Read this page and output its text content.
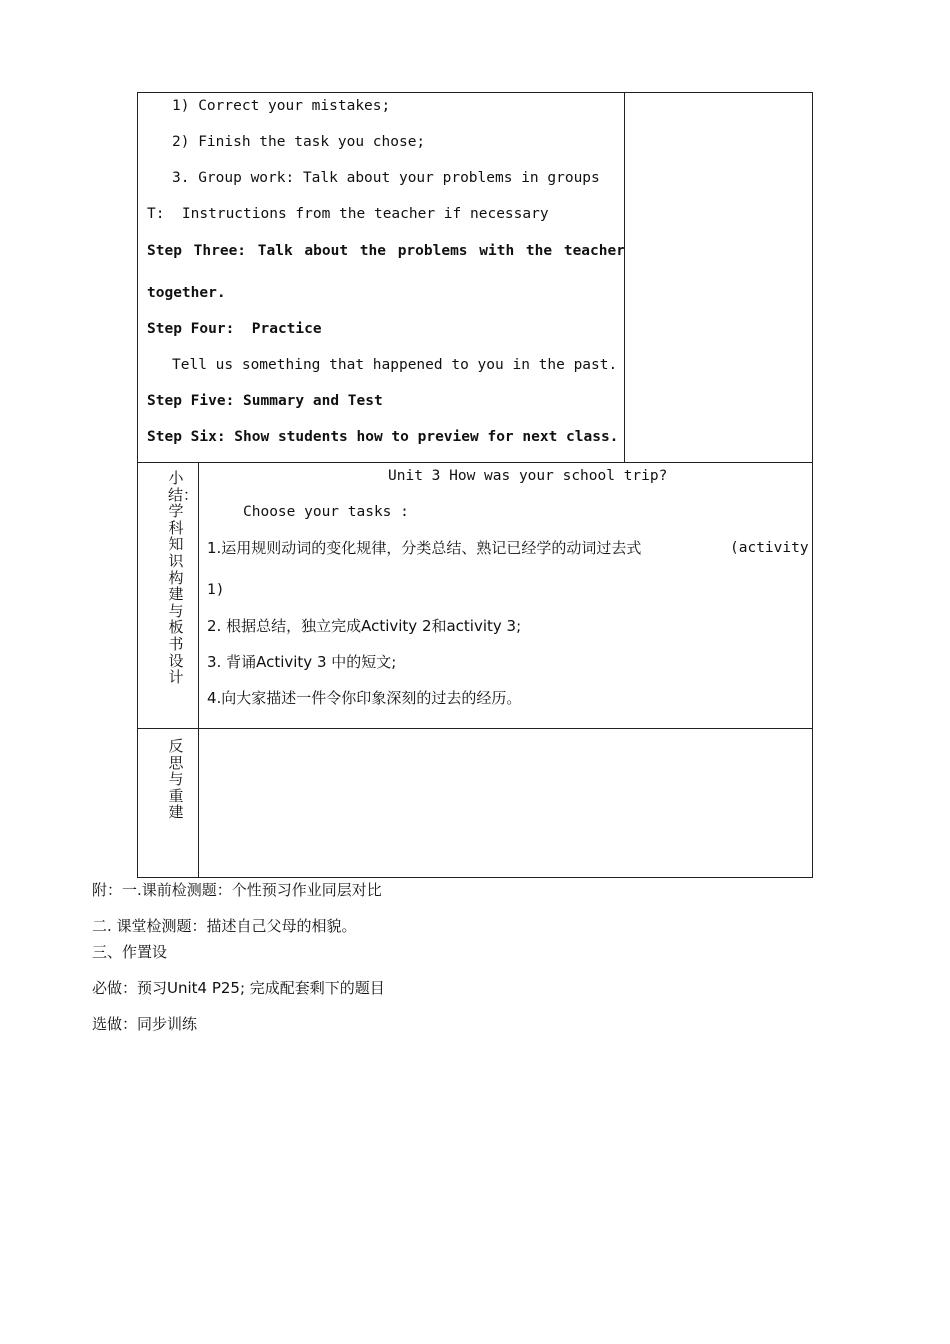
1) Correct your mistakes;
2) Finish the task you chose;
3. Group work: Talk about your problems in groups
T:  Instructions from the teacher if necessary
Step Three: Talk about the problems with the teacher
together.
Step Four:  Practice
Tell us something that happened to you in the past.
Step Five: Summary and Test
Step Six: Show students how to preview for next class.
小结：学科知识构建与板书设计
Unit 3 How was your school trip?
Choose your tasks :
1.运用规则动词的变化规律，分类总结、熟记已经学的动词过去式	(activity
1)
2. 根据总结，独立完成Activity 2和activity 3;
3. 背诵Activity 3 中的短文;
4.向大家描述一件令你印象深刻的过去的经历。
反思与重建
附：一.课前检测题：个性预习作业同层对比
二. 课堂检测题：描述自己父母的相貌。
三、作置设
必做：预习Unit4 P25; 完成配套剩下的题目
选做：同步训练
